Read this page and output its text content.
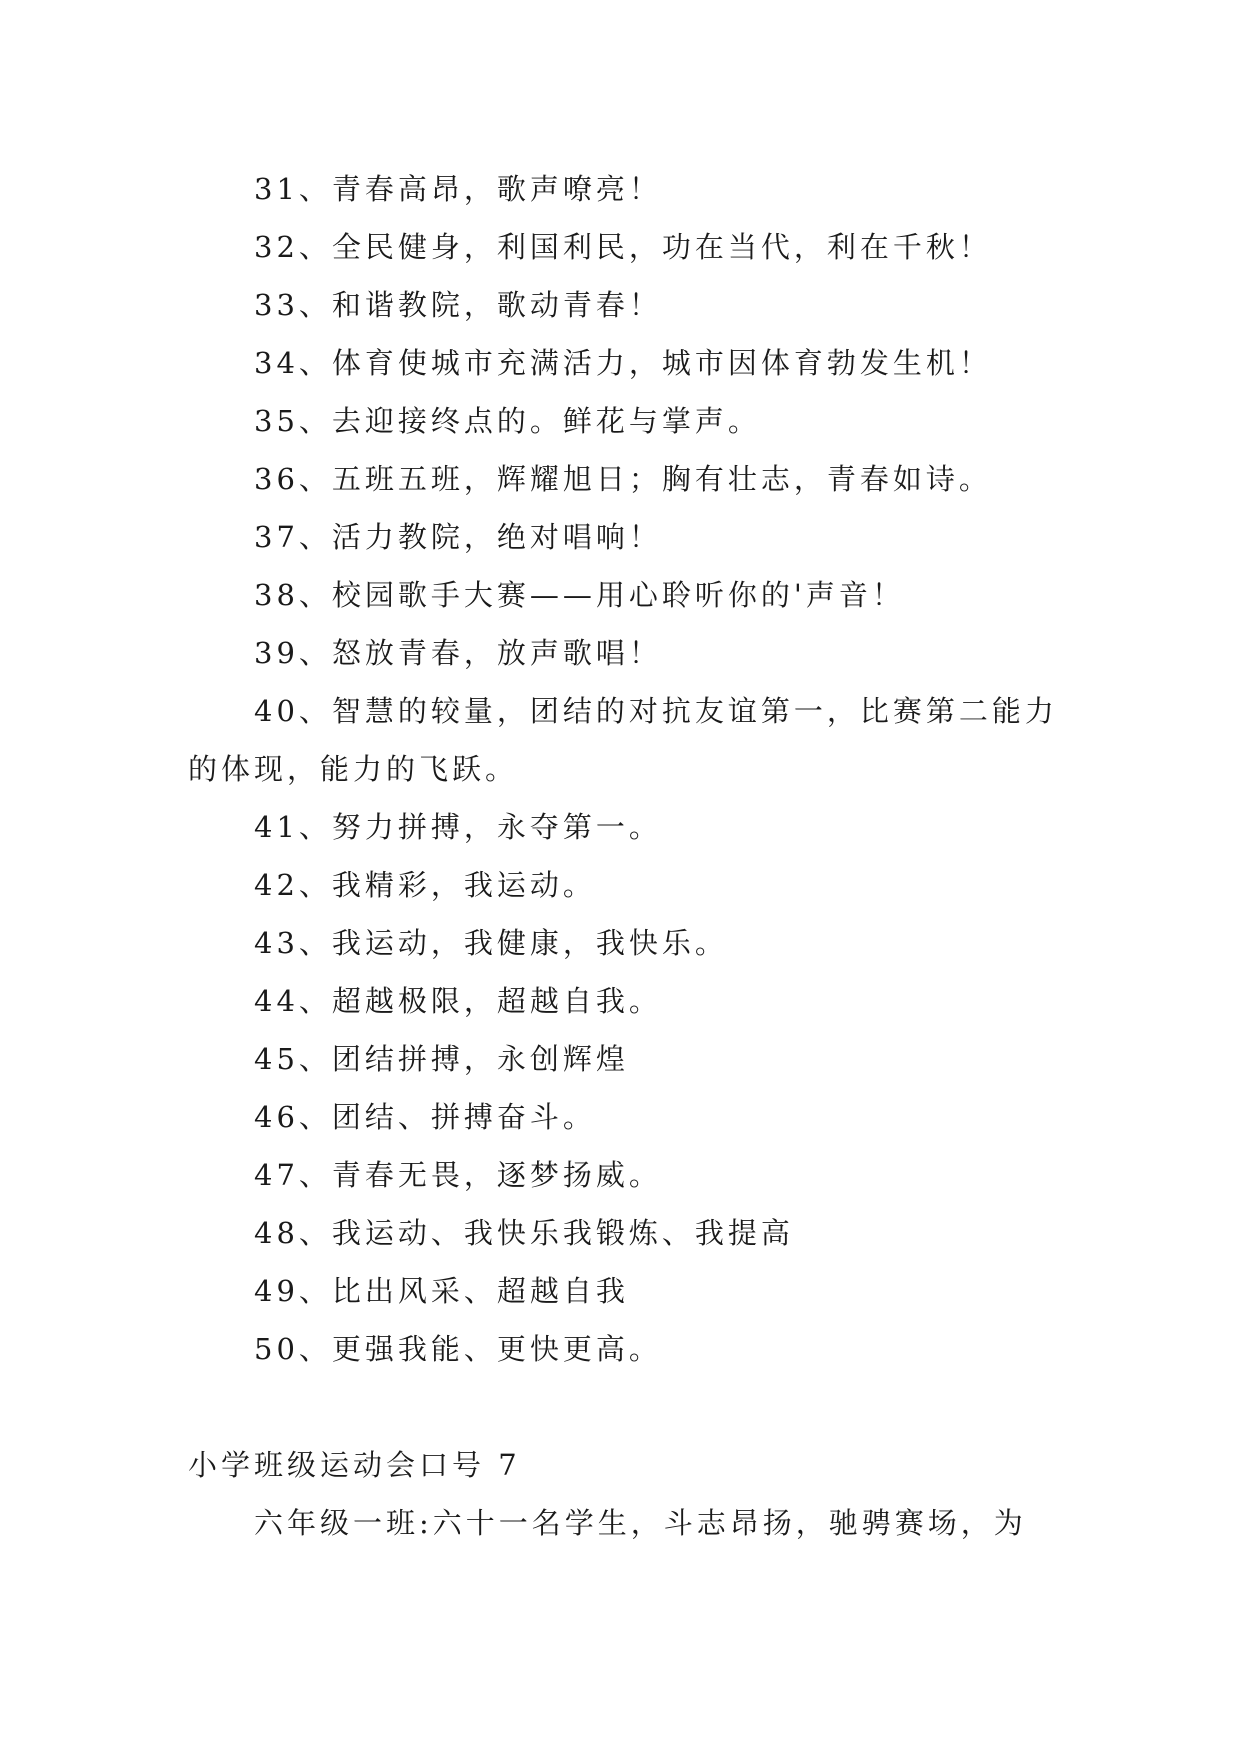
31、青春高昂，歌声嘹亮！

32、全民健身，利国利民，功在当代，利在千秋！

33、和谐教院，歌动青春！

34、体育使城市充满活力，城市因体育勃发生机！

35、去迎接终点的。鲜花与掌声。

36、五班五班，辉耀旭日；胸有壮志，青春如诗。

37、活力教院，绝对唱响！

38、校园歌手大赛——用心聆听你的'声音！

39、怒放青春，放声歌唱！

40、智慧的较量，团结的对抗友谊第一，比赛第二能力的体现，能力的飞跃。

41、努力拼搏，永夺第一。

42、我精彩，我运动。

43、我运动，我健康，我快乐。

44、超越极限，超越自我。

45、团结拼搏，永创辉煌

46、团结、拼搏奋斗。

47、青春无畏，逐梦扬威。

48、我运动、我快乐我锻炼、我提高

49、比出风采、超越自我

50、更强我能、更快更高。

小学班级运动会口号 7

六年级一班:六十一名学生，斗志昂扬，驰骋赛场，为
